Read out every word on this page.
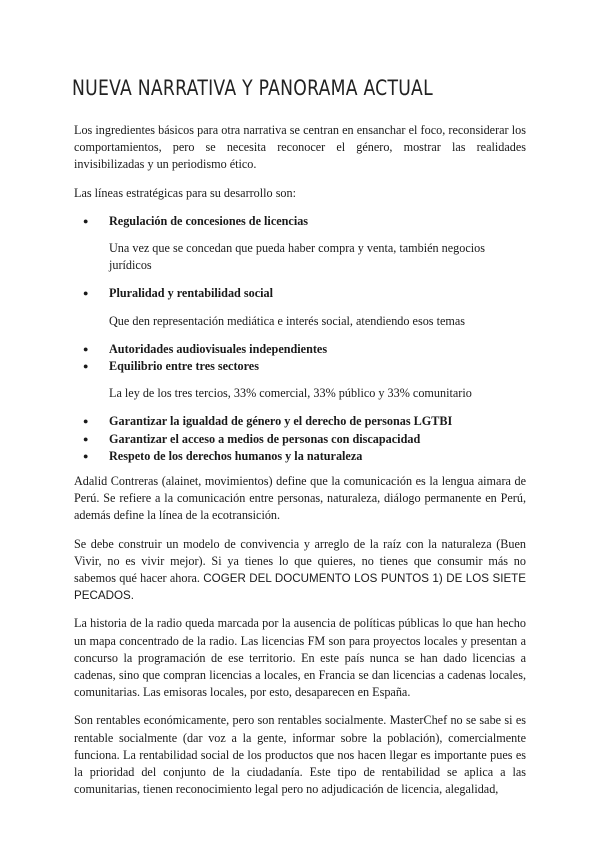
NUEVA NARRATIVA Y PANORAMA ACTUAL

Los ingredientes básicos para otra narrativa se centran en ensanchar el foco, reconsiderar los comportamientos, pero se necesita reconocer el género, mostrar las realidades invisibilizadas y un periodismo ético.

Las líneas estratégicas para su desarrollo son:

● Regulación de concesiones de licencias
Una vez que se concedan que pueda haber compra y venta, también negocios jurídicos
● Pluralidad y rentabilidad social
Que den representación mediática e interés social, atendiendo esos temas
● Autoridades audiovisuales independientes
● Equilibrio entre tres sectores
La ley de los tres tercios, 33% comercial, 33% público y 33% comunitario
● Garantizar la igualdad de género y el derecho de personas LGTBI
● Garantizar el acceso a medios de personas con discapacidad
● Respeto de los derechos humanos y la naturaleza

Adalid Contreras (alainet, movimientos) define que la comunicación es la lengua aimara de Perú. Se refiere a la comunicación entre personas, naturaleza, diálogo permanente en Perú, además define la línea de la ecotransición.

Se debe construir un modelo de convivencia y arreglo de la raíz con la naturaleza (Buen Vivir, no es vivir mejor). Si ya tienes lo que quieres, no tienes que consumir más no sabemos qué hacer ahora. COGER DEL DOCUMENTO LOS PUNTOS 1) DE LOS SIETE PECADOS.

La historia de la radio queda marcada por la ausencia de políticas públicas lo que han hecho un mapa concentrado de la radio. Las licencias FM son para proyectos locales y presentan a concurso la programación de ese territorio. En este país nunca se han dado licencias a cadenas, sino que compran licencias a locales, en Francia se dan licencias a cadenas locales, comunitarias. Las emisoras locales, por esto, desaparecen en España.

Son rentables económicamente, pero son rentables socialmente. MasterChef no se sabe si es rentable socialmente (dar voz a la gente, informar sobre la población), comercialmente funciona. La rentabilidad social de los productos que nos hacen llegar es importante pues es la prioridad del conjunto de la ciudadanía. Este tipo de rentabilidad se aplica a las comunitarias, tienen reconocimiento legal pero no adjudicación de licencia, alegalidad,
